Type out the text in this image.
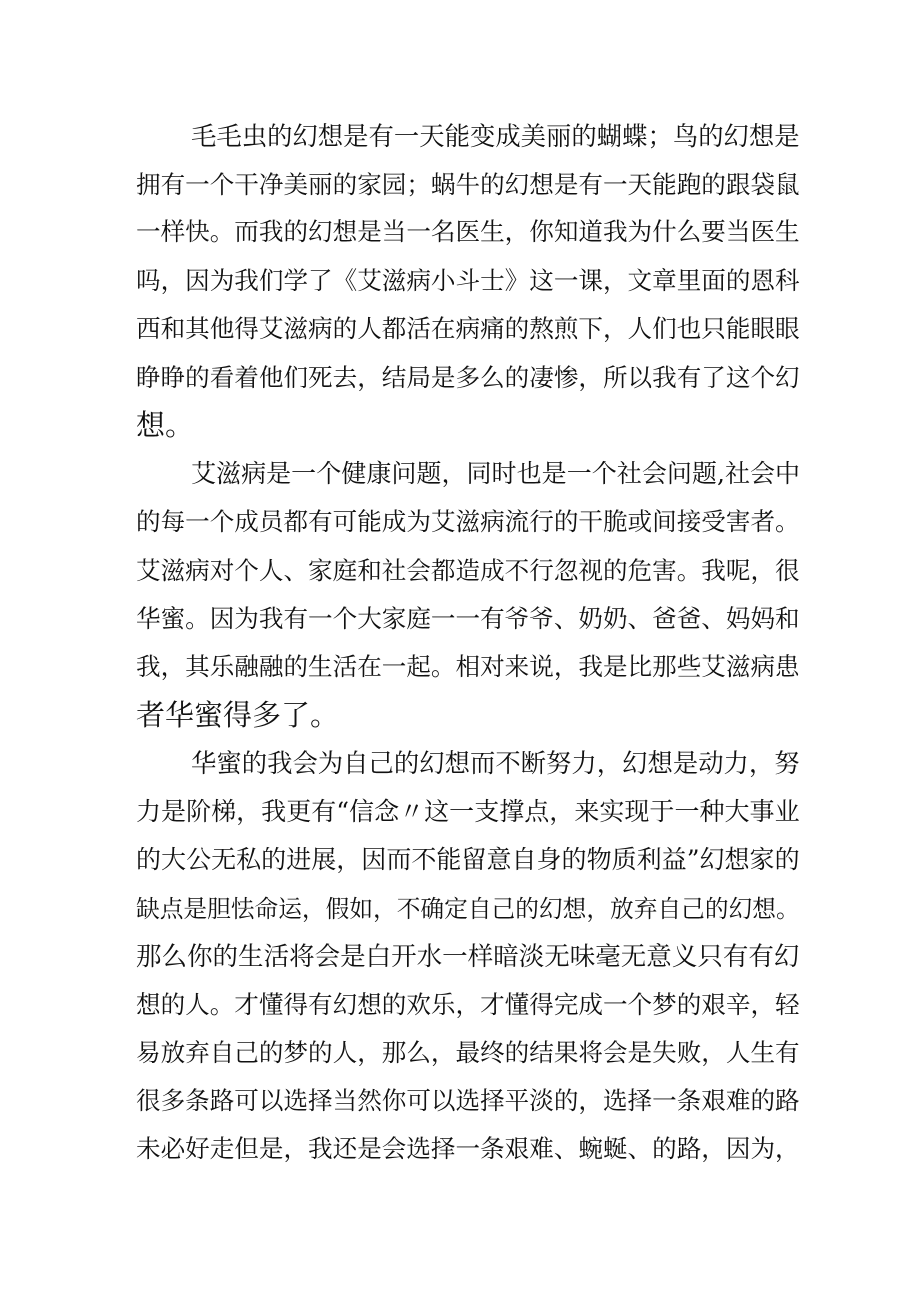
毛毛虫的幻想是有一天能变成美丽的蝴蝶；鸟的幻想是
拥有一个干净美丽的家园；蜗牛的幻想是有一天能跑的跟袋鼠
一样快。而我的幻想是当一名医生，你知道我为什么要当医生
吗，因为我们学了《艾滋病小斗士》这一课，文章里面的恩科
西和其他得艾滋病的人都活在病痛的熬煎下，人们也只能眼眼
睁睁的看着他们死去，结局是多么的凄惨，所以我有了这个幻
想。
艾滋病是一个健康问题，同时也是一个社会问题,社会中
的每一个成员都有可能成为艾滋病流行的干脆或间接受害者。
艾滋病对个人、家庭和社会都造成不行忽视的危害。我呢，很
华蜜。因为我有一个大家庭一一有爷爷、奶奶、爸爸、妈妈和
我，其乐融融的生活在一起。相对来说，我是比那些艾滋病患
者华蜜得多了。
华蜜的我会为自己的幻想而不断努力，幻想是动力，努
力是阶梯，我更有“信念〃这一支撑点，来实现于一种大事业
的大公无私的进展，因而不能留意自身的物质利益”幻想家的
缺点是胆怯命运，假如，不确定自己的幻想，放弃自己的幻想。
那么你的生活将会是白开水一样暗淡无味毫无意义只有有幻
想的人。才懂得有幻想的欢乐，才懂得完成一个梦的艰辛，轻
易放弃自己的梦的人，那么，最终的结果将会是失败，人生有
很多条路可以选择当然你可以选择平淡的，选择一条艰难的路
未必好走但是，我还是会选择一条艰难、蜿蜒、的路，因为，
